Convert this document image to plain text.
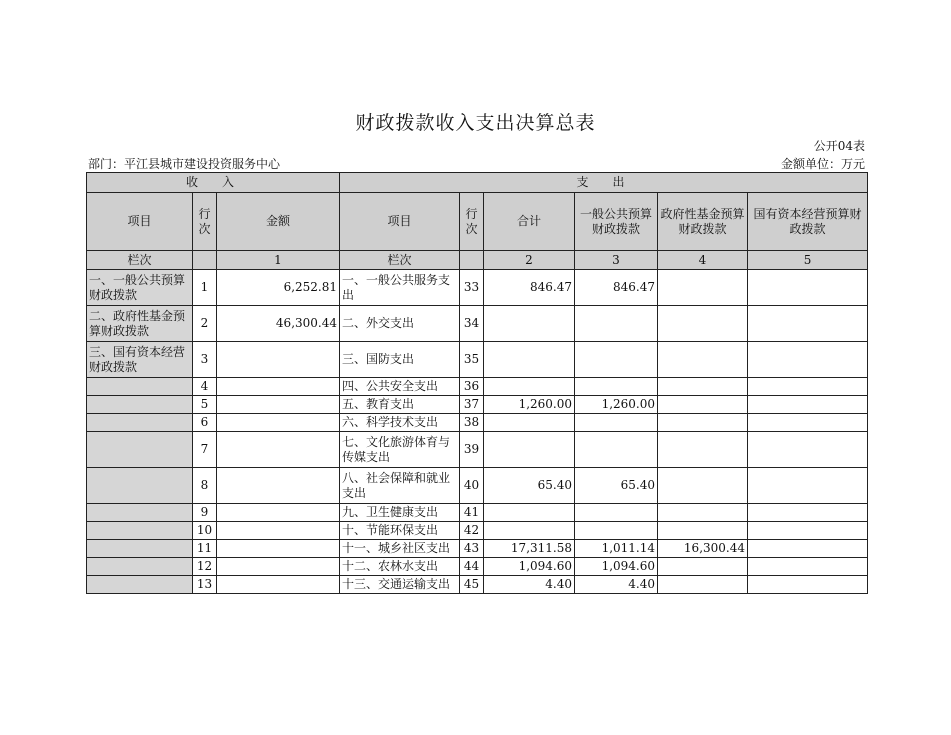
财政拨款收入支出决算总表
公开04表
部门：平江县城市建设投资服务中心	金额单位：万元
收　入			支　出					
项目	行次	金额	项目	行次	合计	一般公共预算财政拨款	政府性基金预算财政拨款	国有资本经营预算财政拨款
栏次		1	栏次		2	3	4	5
一、一般公共预算财政拨款	1	6,252.81	一、一般公共服务支出	33	846.47	846.47		
二、政府性基金预算财政拨款	2	46,300.44	二、外交支出	34				
三、国有资本经营财政拨款	3		三、国防支出	35				
	4		四、公共安全支出	36				
	5		五、教育支出	37	1,260.00	1,260.00		
	6		六、科学技术支出	38				
	7		七、文化旅游体育与传媒支出	39				
	8		八、社会保障和就业支出	40	65.40	65.40		
	9		九、卫生健康支出	41				
	10		十、节能环保支出	42				
	11		十一、城乡社区支出	43	17,311.58	1,011.14	16,300.44	
	12		十二、农林水支出	44	1,094.60	1,094.60		
	13		十三、交通运输支出	45	4.40	4.40		
